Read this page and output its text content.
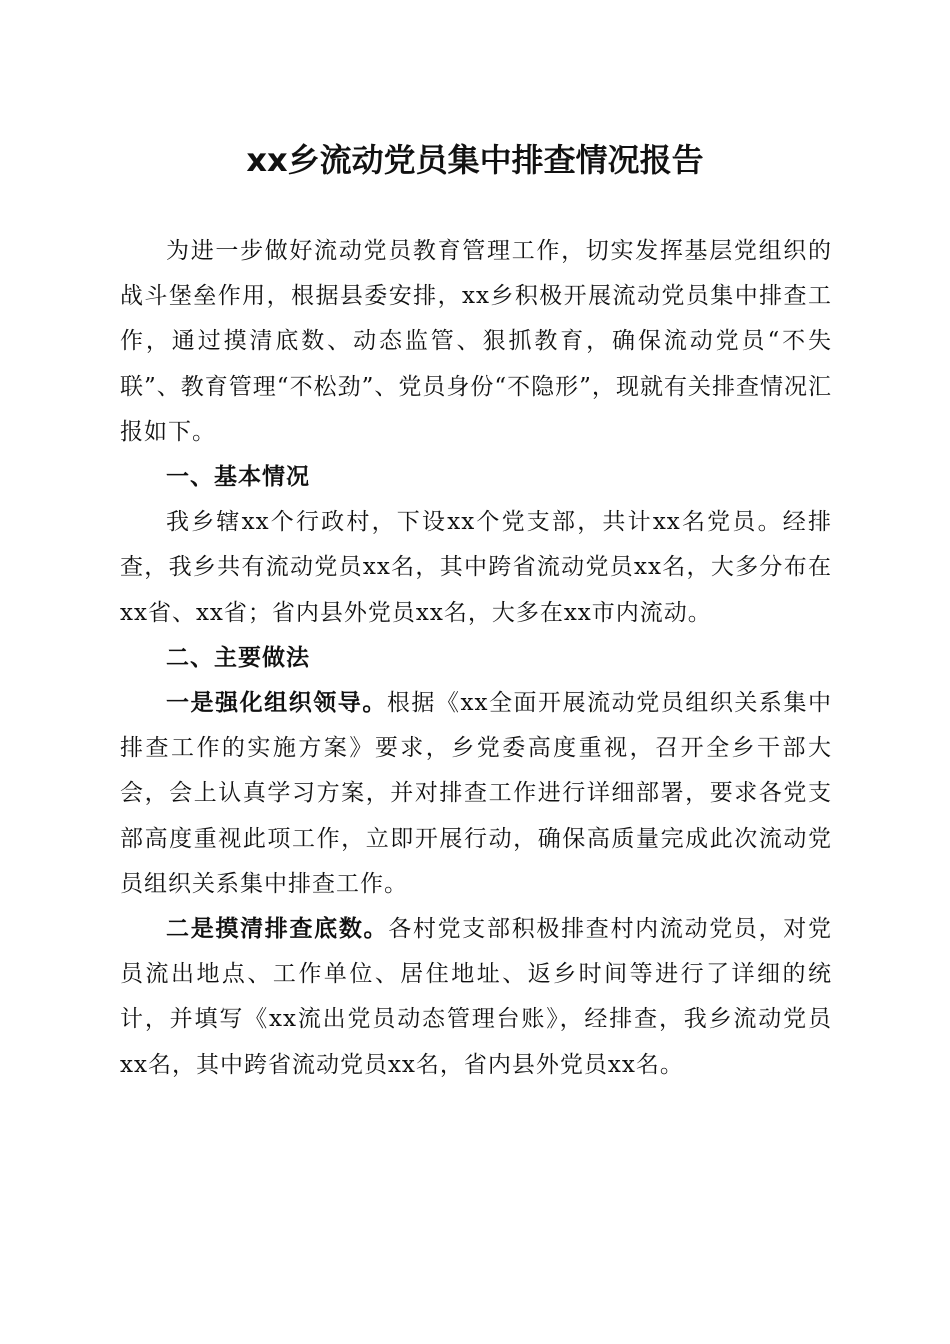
xx乡流动党员集中排查情况报告

为进一步做好流动党员教育管理工作，切实发挥基层党组织的战斗堡垒作用，根据县委安排，xx乡积极开展流动党员集中排查工作，通过摸清底数、动态监管、狠抓教育，确保流动党员“不失联”、教育管理“不松劲”、党员身份“不隐形”，现就有关排查情况汇报如下。

一、基本情况

我乡辖xx个行政村，下设xx个党支部，共计xx名党员。经排查，我乡共有流动党员xx名，其中跨省流动党员xx名，大多分布在xx省、xx省；省内县外党员xx名，大多在xx市内流动。

二、主要做法

一是强化组织领导。根据《xx全面开展流动党员组织关系集中排查工作的实施方案》要求，乡党委高度重视，召开全乡干部大会，会上认真学习方案，并对排查工作进行详细部署，要求各党支部高度重视此项工作，立即开展行动，确保高质量完成此次流动党员组织关系集中排查工作。

二是摸清排查底数。各村党支部积极排查村内流动党员，对党员流出地点、工作单位、居住地址、返乡时间等进行了详细的统计，并填写《xx流出党员动态管理台账》，经排查，我乡流动党员xx名，其中跨省流动党员xx名，省内县外党员xx名。
